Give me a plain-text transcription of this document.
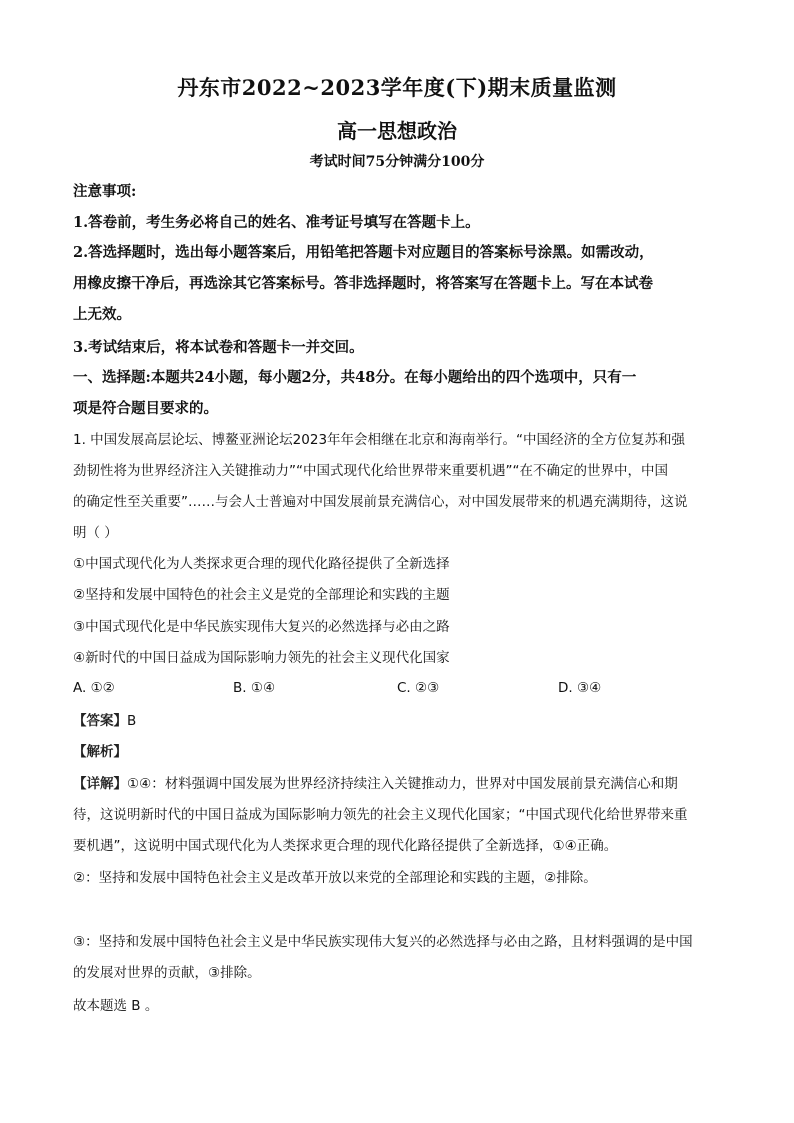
丹东市2022~2023学年度(下)期末质量监测
高一思想政治
考试时间75分钟满分100分
注意事项:
1.答卷前，考生务必将自己的姓名、准考证号填写在答题卡上。
2.答选择题时，选出每小题答案后，用铅笔把答题卡对应题目的答案标号涂黑。如需改动，
用橡皮擦干净后，再选涂其它答案标号。答非选择题时，将答案写在答题卡上。写在本试卷
上无效。
3.考试结束后，将本试卷和答题卡一并交回。
一、选择题:本题共24小题，每小题2分，共48分。在每小题给出的四个选项中，只有一
项是符合题目要求的。
1. 中国发展高层论坛、博鳌亚洲论坛2023年年会相继在北京和海南举行。“中国经济的全方位复苏和强
劲韧性将为世界经济注入关键推动力”“中国式现代化给世界带来重要机遇”“在不确定的世界中，中国
的确定性至关重要”……与会人士普遍对中国发展前景充满信心，对中国发展带来的机遇充满期待，这说
明（ ）
①中国式现代化为人类探求更合理的现代化路径提供了全新选择
②坚持和发展中国特色的社会主义是党的全部理论和实践的主题
③中国式现代化是中华民族实现伟大复兴的必然选择与必由之路
④新时代的中国日益成为国际影响力领先的社会主义现代化国家
A. ①②	B. ①④	C. ②③	D. ③④
【答案】B
【解析】
【详解】①④：材料强调中国发展为世界经济持续注入关键推动力，世界对中国发展前景充满信心和期
待，这说明新时代的中国日益成为国际影响力领先的社会主义现代化国家；“中国式现代化给世界带来重
要机遇”，这说明中国式现代化为人类探求更合理的现代化路径提供了全新选择，①④正确。
②：坚持和发展中国特色社会主义是改革开放以来党的全部理论和实践的主题，②排除。
③：坚持和发展中国特色社会主义是中华民族实现伟大复兴的必然选择与必由之路，且材料强调的是中国
的发展对世界的贡献，③排除。
故本题选 B 。
